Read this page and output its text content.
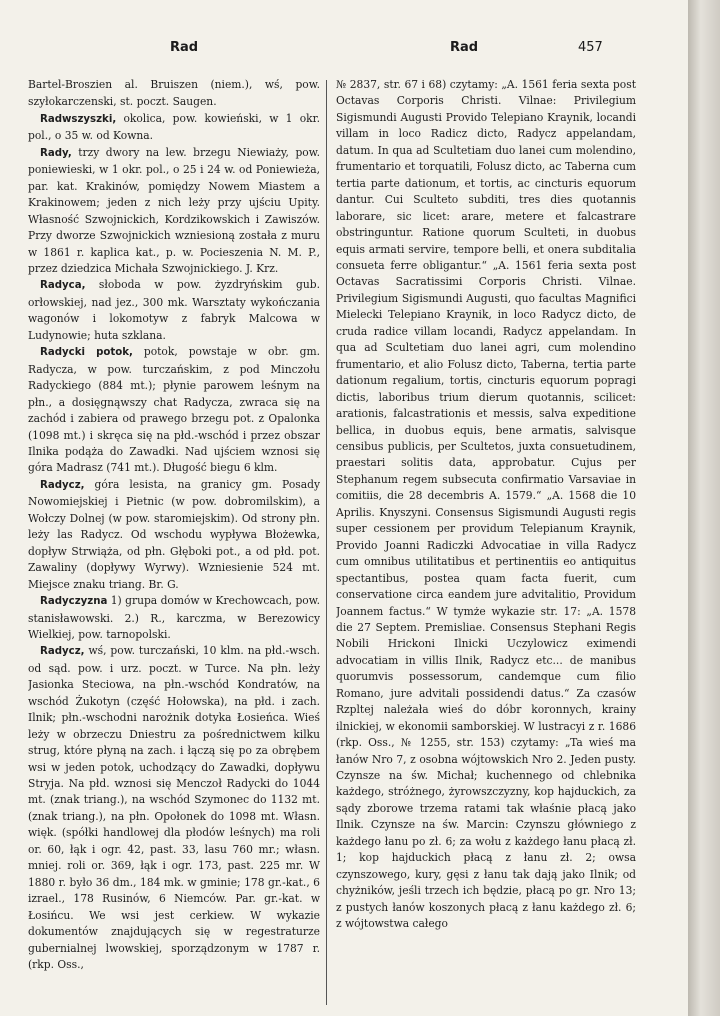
Rad	Rad	457

Bartel-Broszien al. Bruiszen (niem.), wś, pow. szyłokarczenski, st. poczt. Saugen.

Radwszyszki, okolica, pow. kowieński, w 1 okr. pol., o 35 w. od Kowna.

Rady, trzy dwory na lew. brzegu Niewiaży, pow. poniewieski, w 1 okr. pol., o 25 i 24 w. od Poniewieża, par. kat. Krakinów, pomiędzy Nowem Miastem a Krakinowem; jeden z nich leży przy ujściu Upity. Własność Szwojnickich, Kordzikowskich i Zawiszów. Przy dworze Szwojnickich wzniesioną została z muru w 1861 r. kaplica kat., p. w. Pocieszenia N. M. P., przez dziedzica Michała Szwojnickiego. J. Krz.

Radyca, słoboda w pow. żyzdryńskim gub. orłowskiej, nad jez., 300 mk. Warsztaty wykończania wagonów i lokomotyw z fabryk Malcowa w Ludynowie; huta szklana.

Radycki potok, potok, powstaje w obr. gm. Radycza, w pow. turczańskim, z pod Minczołu Radyckiego (884 mt.); płynie parowem leśnym na płn., a dosięgnąwszy chat Radycza, zwraca się na zachód i zabiera od prawego brzegu pot. z Opalonka (1098 mt.) i skręca się na płd.-wschód i przez obszar Ilnika podąża do Zawadki. Nad ujściem wznosi się góra Madrasz (741 mt.). Długość biegu 6 klm.

Radycz, góra lesista, na granicy gm. Posady Nowomiejskiej i Pietnic (w pow. dobromilskim), a Wołczy Dolnej (w pow. staromiejskim). Od strony płn. leży las Radycz. Od wschodu wypływa Błożewka, dopływ Strwiąża, od płn. Głęboki pot., a od płd. pot. Zawaliny (dopływy Wyrwy). Wzniesienie 524 mt. Miejsce znaku triang. Br. G.

Radyczyzna 1) grupa domów w Krechowcach, pow. stanisławowski. 2.) R., karczma, w Berezowicy Wielkiej, pow. tarnopolski.

Radycz, wś, pow. turczański, 10 klm. na płd.-wsch. od sąd. pow. i urz. poczt. w Turce. Na płn. leży Jasionka Steciowa, na płn.-wschód Kondratów, na wschód Żukotyn (część Hołowska), na płd. i zach. Ilnik; płn.-wschodni narożnik dotyka Łosieńca. Wieś leży w obrzeczu Dniestru za pośrednictwem kilku strug, które płyną na zach. i łączą się po za obrębem wsi w jeden potok, uchodzący do Zawadki, dopływu Stryja. Na płd. wznosi się Menczoł Radycki do 1044 mt. (znak triang.), na wschód Szymonec do 1132 mt. (znak triang.), na płn. Opołonek do 1098 mt. Własn. więk. (spółki handlowej dla płodów leśnych) ma roli or. 60, łąk i ogr. 42, past. 33, lasu 760 mr.; własn. mniej. roli or. 369, łąk i ogr. 173, past. 225 mr. W 1880 r. było 36 dm., 184 mk. w gminie; 178 gr.-kat., 6 izrael., 178 Rusinów, 6 Niemców. Par. gr.-kat. w Łosińcu. We wsi jest cerkiew. W wykazie dokumentów znajdujących się w regestraturze gubernialnej lwowskiej, sporządzonym w 1787 r. (rkp. Oss.,

№ 2837, str. 67 i 68) czytamy: „A. 1561 feria sexta post Octavas Corporis Christi. Vilnae: Privilegium Sigismundi Augusti Provido Telepiano Kraynik, locandi villam in loco Radicz dicto, Radycz appelandam, datum. In qua ad Scultetiam duo lanei cum molendino, frumentario et torquatili, Folusz dicto, ac Taberna cum tertia parte dationum, et tortis, ac cincturis equorum dantur. Cui Sculteto subditi, tres dies quotannis laborare, sic licet: arare, metere et falcastrare obstringuntur. Ratione quorum Sculteti, in duobus equis armati servire, tempore belli, et onera subditalia consueta ferre obligantur.“ „A. 1561 feria sexta post Octavas Sacratissimi Corporis Christi. Vilnae. Privilegium Sigismundi Augusti, quo facultas Magnifici Mielecki Telepiano Kraynik, in loco Radycz dicto, de cruda radice villam locandi, Radycz appelandam. In qua ad Scultetiam duo lanei agri, cum molendino frumentario, et alio Folusz dicto, Taberna, tertia parte dationum regalium, tortis, cincturis equorum popragi dictis, laboribus trium dierum quotannis, scilicet: arationis, falcastrationis et messis, salva expeditione bellica, in duobus equis, bene armatis, salvisque censibus publicis, per Scultetos, juxta consuetudinem, praestari solitis data, approbatur. Cujus per Stephanum regem subsecuta confirmatio Varsaviae in comitiis, die 28 decembris A. 1579.“ „A. 1568 die 10 Aprilis. Knyszyni. Consensus Sigismundi Augusti regis super cessionem per providum Telepianum Kraynik, Provido Joanni Radiczki Advocatiae in villa Radycz cum omnibus utilitatibus et pertinentiis eo antiquitus spectantibus, postea quam facta fuerit, cum conservatione circa eandem jure advitalitio, Providum Joannem factus.“ W tymże wykazie str. 17: „A. 1578 die 27 Septem. Premisliae. Consensus Stephani Regis Nobili Hrickoni Ilnicki Uczylowicz eximendi advocatiam in villis Ilnik, Radycz etc... de manibus quorumvis possessorum, candemque cum filio Romano, jure advitali possidendi datus.“ Za czasów Rzpltej należała wieś do dóbr koronnych, krainy ilnickiej, w ekonomii samborskiej. W lustracyi z r. 1686 (rkp. Oss., № 1255, str. 153) czytamy: „Ta wieś ma łanów Nro 7, z osobna wójtowskich Nro 2. Jeden pusty. Czynsze na św. Michał; kuchennego od chlebnika każdego, stróżnego, żyrowszczyzny, kop hajduckich, za sądy zborowe trzema ratami tak właśnie płacą jako Ilnik. Czynsze na św. Marcin: Czynszu główniego z każdego łanu po zł. 6; za wołu z każdego łanu płacą zł. 1; kop hajduckich płacą z łanu zł. 2; owsa czynszowego, kury, gęsi z łanu tak dają jako Ilnik; od chyżników, jeśli trzech ich będzie, płacą po gr. Nro 13; z pustych łanów koszonych płacą z łanu każdego zł. 6; z wójtowstwa całego
